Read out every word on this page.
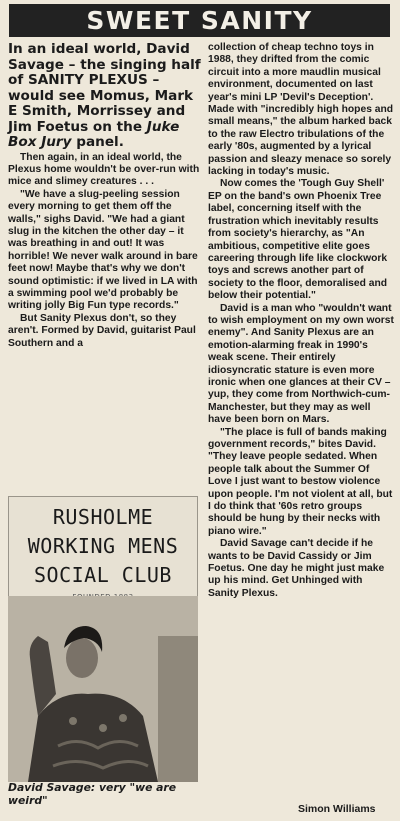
SWEET SANITY

In an ideal world, David Savage – the singing half of SANITY PLEXUS – would see Momus, Mark E Smith, Morrissey and Jim Foetus on the Juke Box Jury panel.

Then again, in an ideal world, the Plexus home wouldn't be over-run with mice and slimey creatures . . .

"We have a slug-peeling session every morning to get them off the walls," sighs David. "We had a giant slug in the kitchen the other day – it was breathing in and out! It was horrible! We never walk around in bare feet now! Maybe that's why we don't sound optimistic: if we lived in LA with a swimming pool we'd probably be writing jolly Big Fun type records."

But Sanity Plexus don't, so they aren't. Formed by David, guitarist Paul Southern and a

RUSHOLME
WORKING MENS
SOCIAL CLUB
David Savage: very "we are weird"

collection of cheap techno toys in 1988, they drifted from the comic circuit into a more maudlin musical environment, documented on last year's mini LP 'Devil's Deception'. Made with "incredibly high hopes and small means," the album harked back to the raw Electro tribulations of the early '80s, augmented by a lyrical passion and sleazy menace so sorely lacking in today's music.

Now comes the 'Tough Guy Shell' EP on the band's own Phoenix Tree label, concerning itself with the frustration which inevitably results from society's hierarchy, as "An ambitious, competitive elite goes careering through life like clockwork toys and screws another part of society to the floor, demoralised and below their potential."

David is a man who "wouldn't want to wish employment on my own worst enemy". And Sanity Plexus are an emotion-alarming freak in 1990's weak scene. Their entirely idiosyncratic stature is even more ironic when one glances at their CV – yup, they come from Northwich-cum-Manchester, but they may as well have been born on Mars.

"The place is full of bands making government records," bites David. "They leave people sedated. When people talk about the Summer Of Love I just want to bestow violence upon people. I'm not violent at all, but I do think that '60s retro groups should be hung by their necks with piano wire."

David Savage can't decide if he wants to be David Cassidy or Jim Foetus. One day he might just make up his mind. Get Unhinged with Sanity Plexus.

Simon Williams
